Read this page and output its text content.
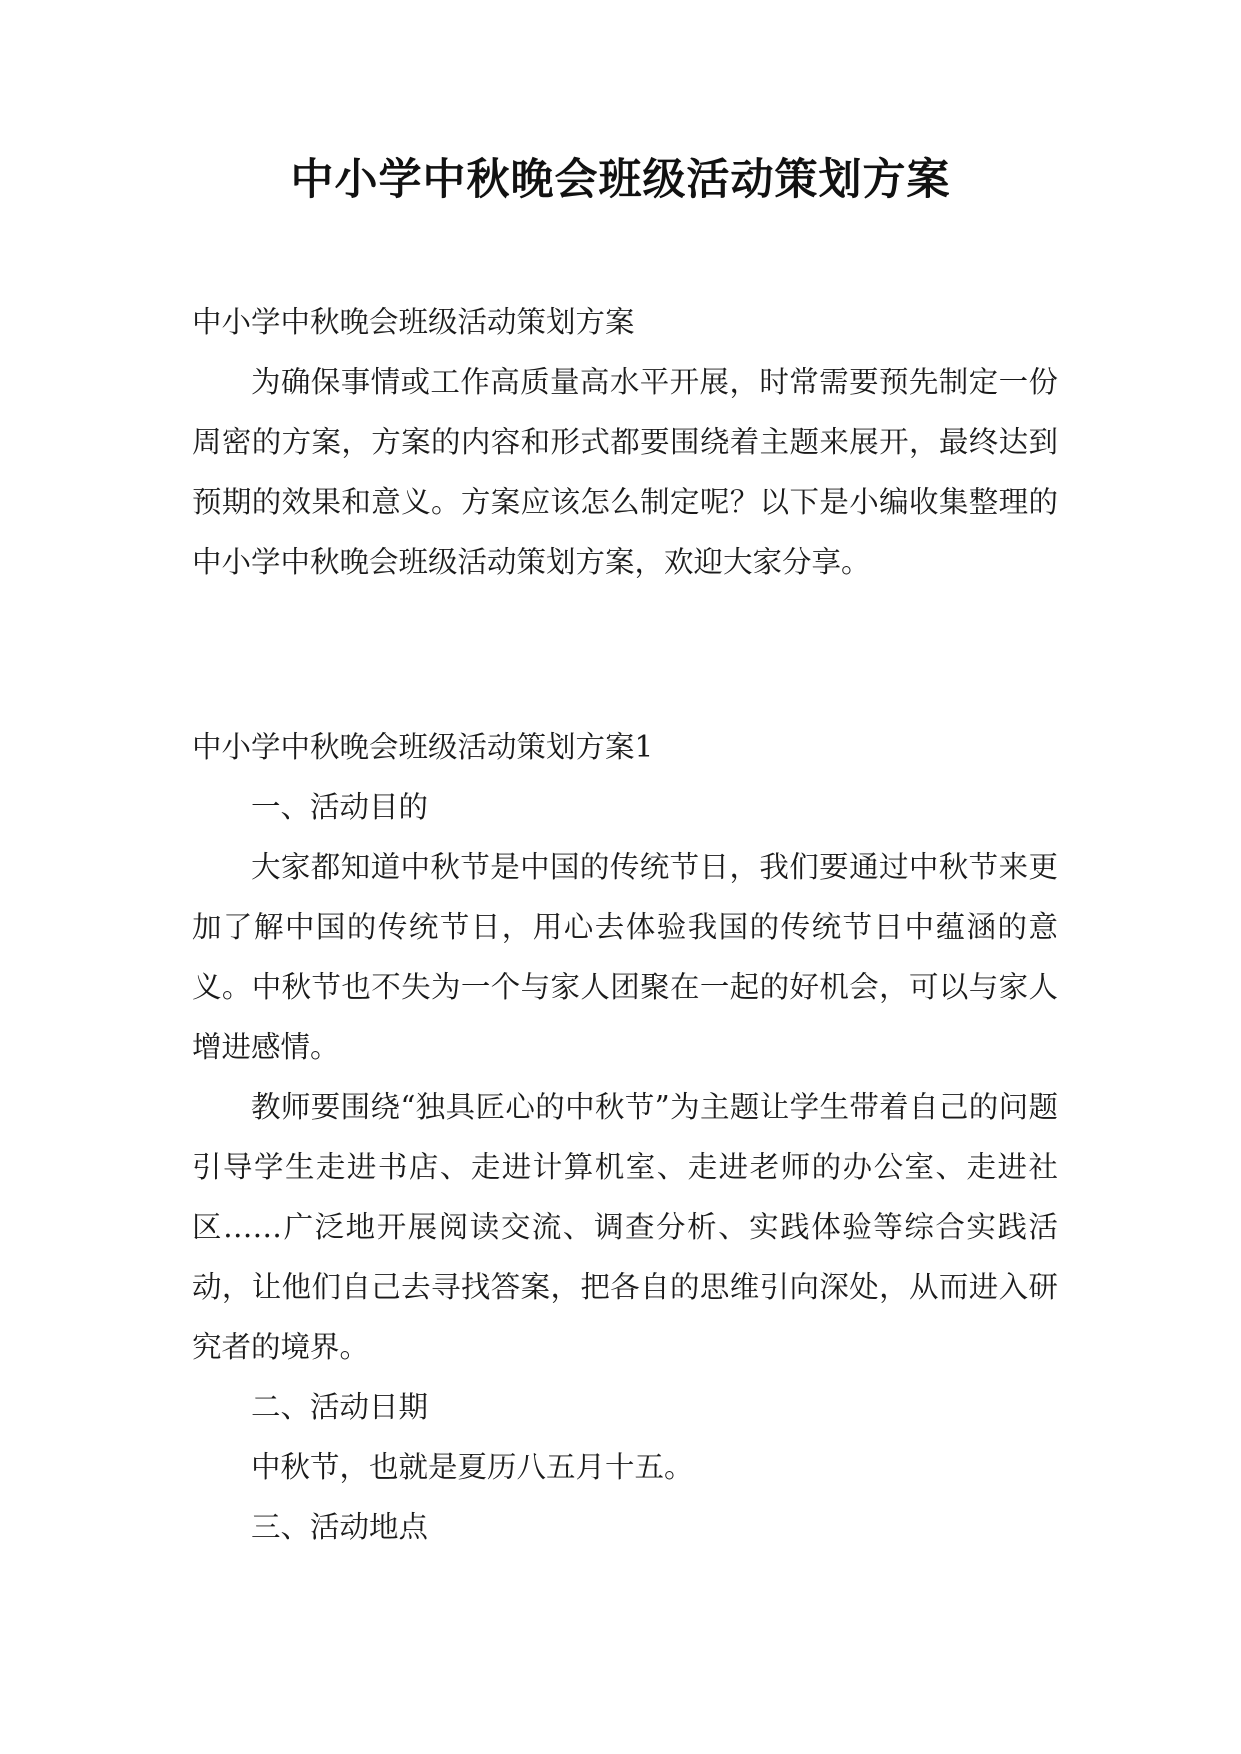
中小学中秋晚会班级活动策划方案

中小学中秋晚会班级活动策划方案

为确保事情或工作高质量高水平开展，时常需要预先制定一份周密的方案，方案的内容和形式都要围绕着主题来展开，最终达到预期的效果和意义。方案应该怎么制定呢？以下是小编收集整理的中小学中秋晚会班级活动策划方案，欢迎大家分享。

中小学中秋晚会班级活动策划方案1

一、活动目的

大家都知道中秋节是中国的传统节日，我们要通过中秋节来更加了解中国的传统节日，用心去体验我国的传统节日中蕴涵的意义。中秋节也不失为一个与家人团聚在一起的好机会，可以与家人增进感情。

教师要围绕“独具匠心的中秋节”为主题让学生带着自己的问题引导学生走进书店、走进计算机室、走进老师的办公室、走进社区……广泛地开展阅读交流、调查分析、实践体验等综合实践活动，让他们自己去寻找答案，把各自的思维引向深处，从而进入研究者的境界。

二、活动日期

中秋节，也就是夏历八五月十五。

三、活动地点
